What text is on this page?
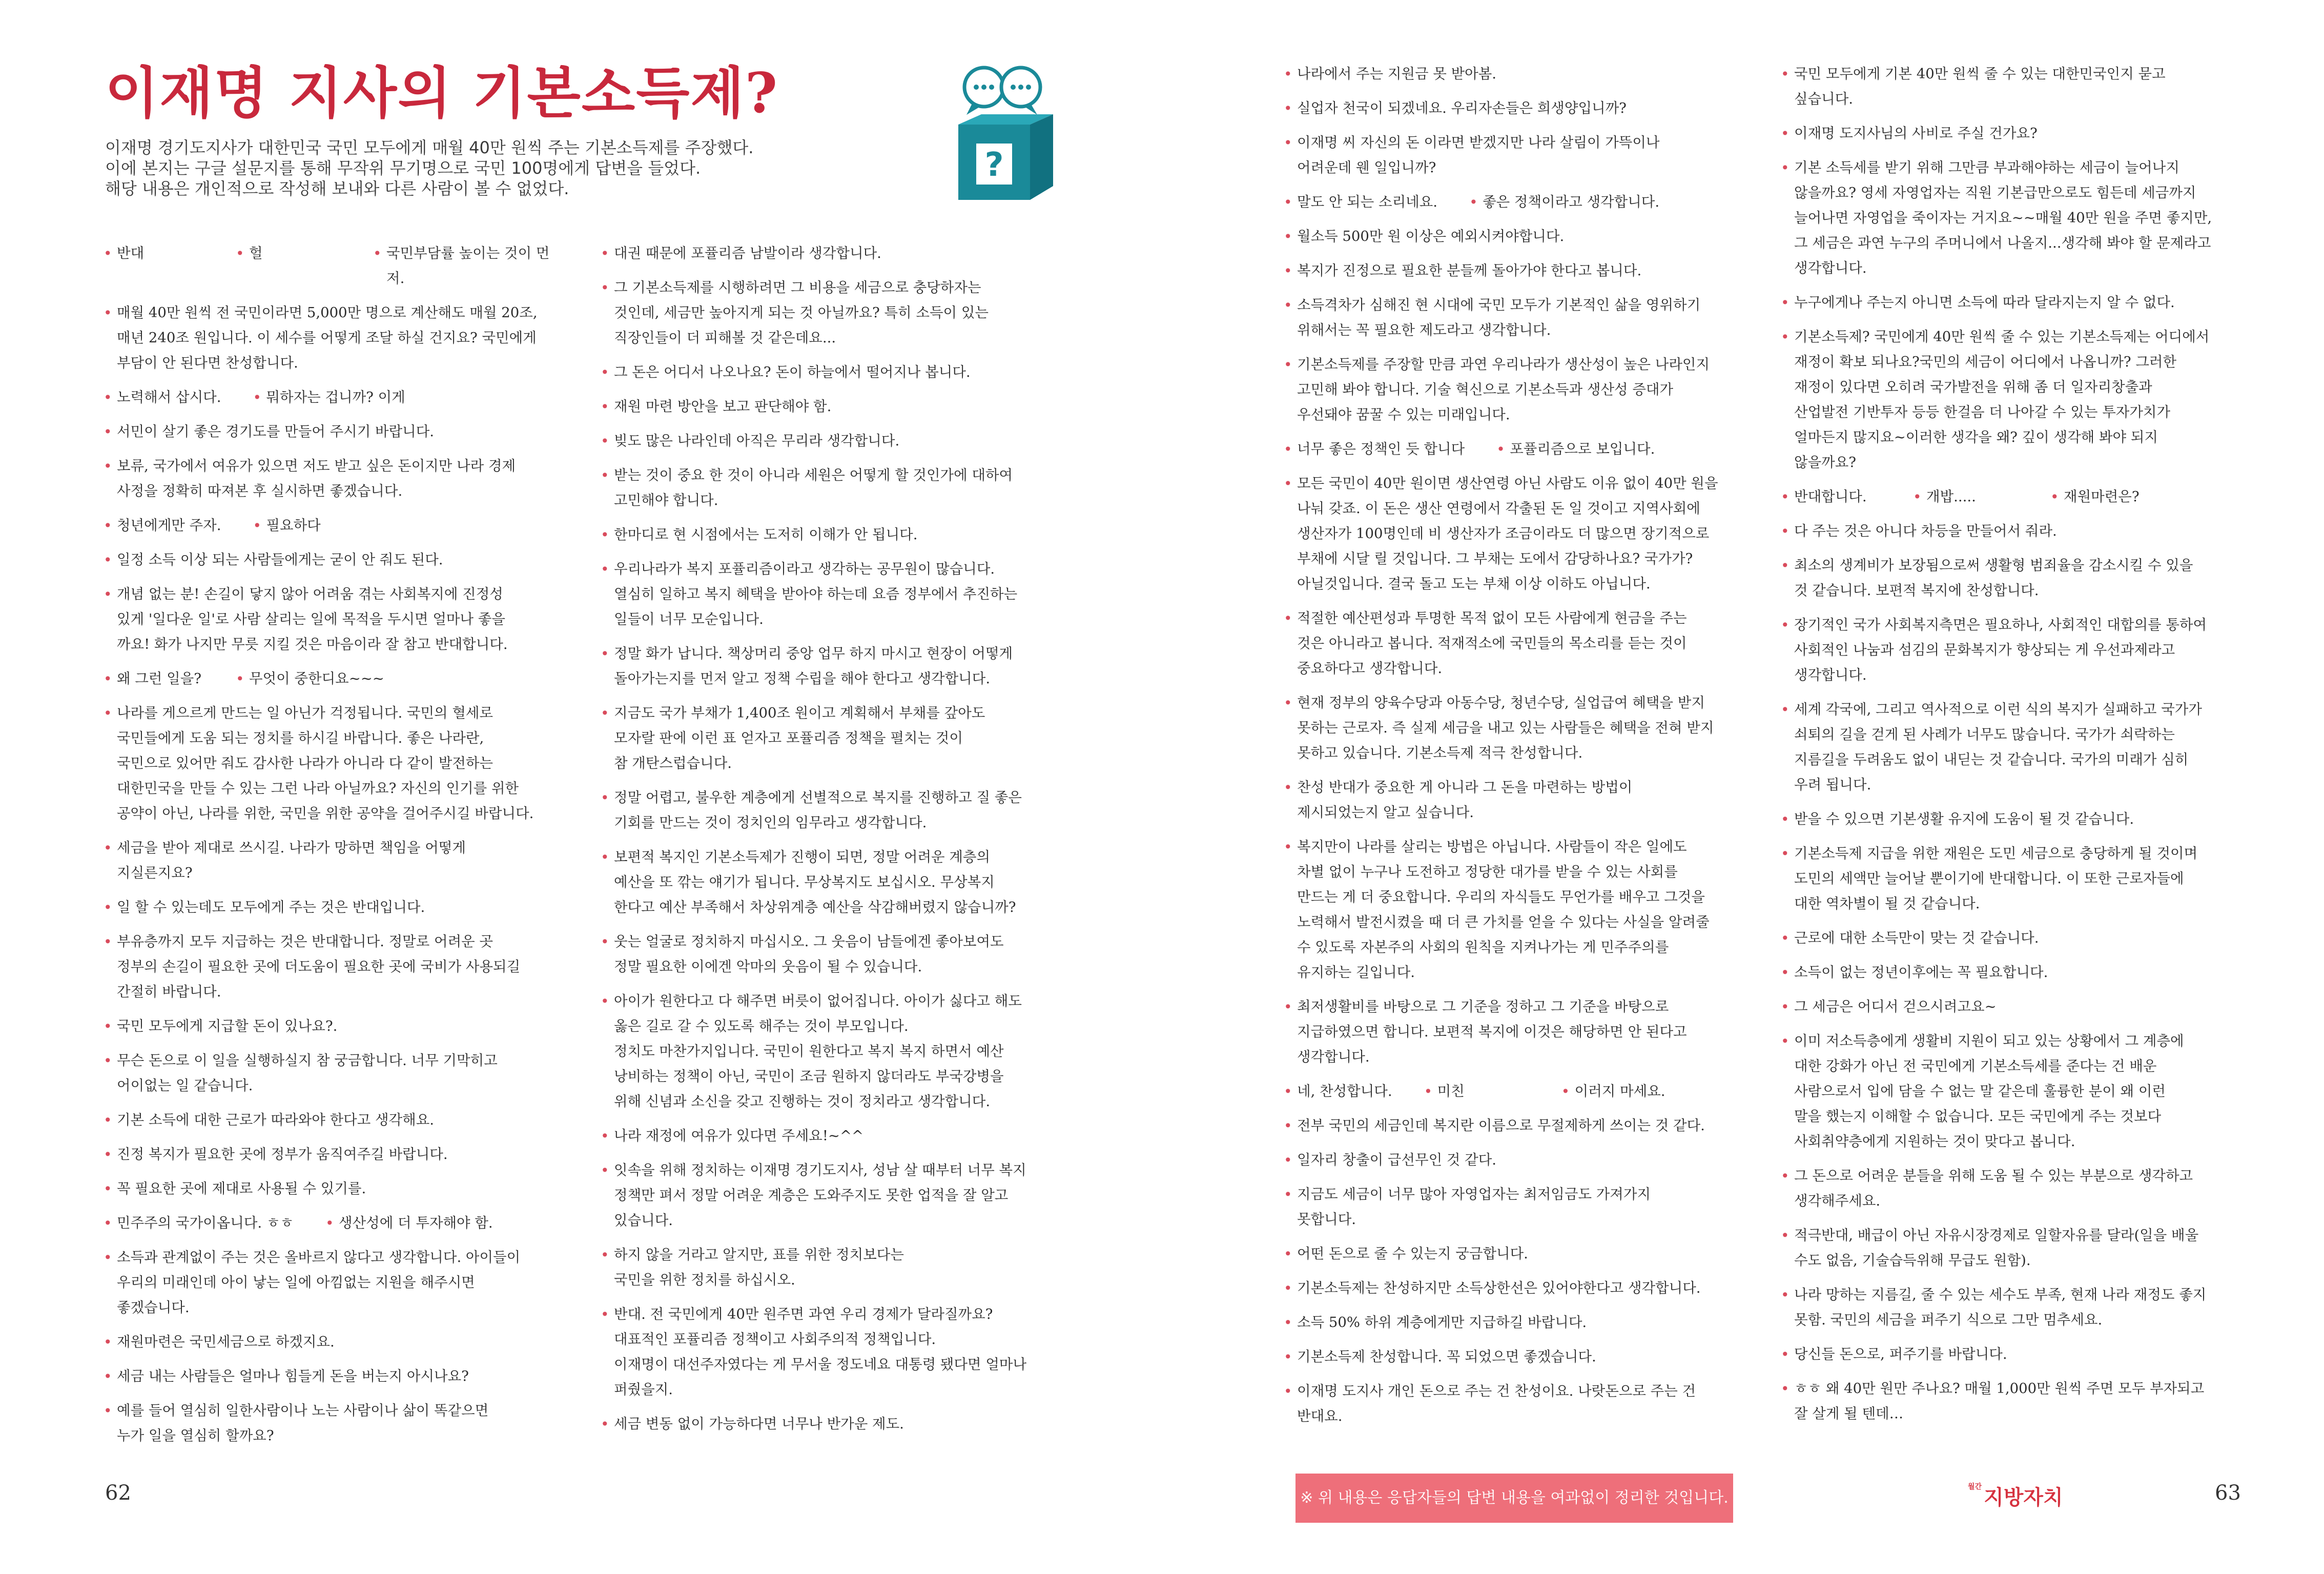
이재명 지사의 기본소득제?
이재명 경기도지사가 대한민국 국민 모두에게 매월 40만 원씩 주는 기본소득제를 주장했다.
이에 본지는 구글 설문지를 통해 무작위 무기명으로 국민 100명에게 답변을 들었다.
해당 내용은 개인적으로 작성해 보내와 다른 사람이 볼 수 없었다.
?
• 반대	• 헐	• 국민부담률 높이는 것이 먼저.
• 매월 40만 원씩 전 국민이라면 5,000만 명으로 계산해도 매월 20조,
매년 240조 원입니다. 이 세수를 어떻게 조달 하실 건지요? 국민에게
부담이 안 된다면 찬성합니다.
• 노력해서 삽시다.	• 뭐하자는 겁니까? 이게
• 서민이 살기 좋은 경기도를 만들어 주시기 바랍니다.
• 보류, 국가에서 여유가 있으면 저도 받고 싶은 돈이지만 나라 경제
사정을 정확히 따져본 후 실시하면 좋겠습니다.
• 청년에게만 주자.	• 필요하다
• 일정 소득 이상 되는 사람들에게는 굳이 안 줘도 된다.
• 개념 없는 분! 손길이 닿지 않아 어려움 겪는 사회복지에 진정성
있게 '일다운 일'로 사람 살리는 일에 목적을 두시면 얼마나 좋을
까요! 화가 나지만 무릇 지킬 것은 마음이라 잘 참고 반대합니다.
• 왜 그런 일을?	• 무엇이 중한디요~~~
• 나라를 게으르게 만드는 일 아닌가 걱정됩니다. 국민의 혈세로
국민들에게 도움 되는 정치를 하시길 바랍니다. 좋은 나라란,
국민으로 있어만 줘도 감사한 나라가 아니라 다 같이 발전하는
대한민국을 만들 수 있는 그런 나라 아닐까요? 자신의 인기를 위한
공약이 아닌, 나라를 위한, 국민을 위한 공약을 걸어주시길 바랍니다.
• 세금을 받아 제대로 쓰시길. 나라가 망하면 책임을 어떻게
지실른지요?
• 일 할 수 있는데도 모두에게 주는 것은 반대입니다.
• 부유층까지 모두 지급하는 것은 반대합니다. 정말로 어려운 곳
정부의 손길이 필요한 곳에 더도움이 필요한 곳에 국비가 사용되길
간절히 바랍니다.
• 국민 모두에게 지급할 돈이 있나요?.
• 무슨 돈으로 이 일을 실행하실지 참 궁금합니다. 너무 기막히고
어이없는 일 같습니다.
• 기본 소득에 대한 근로가 따라와야 한다고 생각해요.
• 진정 복지가 필요한 곳에 정부가 움직여주길 바랍니다.
• 꼭 필요한 곳에 제대로 사용될 수 있기를.
• 민주주의 국가이옵니다. ㅎㅎ	• 생산성에 더 투자해야 함.
• 소득과 관계없이 주는 것은 올바르지 않다고 생각합니다. 아이들이
우리의 미래인데 아이 낳는 일에 아낌없는 지원을 해주시면
좋겠습니다.
• 재원마련은 국민세금으로 하겠지요.
• 세금 내는 사람들은 얼마나 힘들게 돈을 버는지 아시나요?
• 예를 들어 열심히 일한사람이나 노는 사람이나 삶이 똑같으면
누가 일을 열심히 할까요?
• 대권 때문에 포퓰리즘 남발이라 생각합니다.
• 그 기본소득제를 시행하려면 그 비용을 세금으로 충당하자는
것인데, 세금만 높아지게 되는 것 아닐까요? 특히 소득이 있는
직장인들이 더 피해볼 것 같은데요...
• 그 돈은 어디서 나오나요? 돈이 하늘에서 떨어지나 봅니다.
• 재원 마련 방안을 보고 판단해야 함.
• 빚도 많은 나라인데 아직은 무리라 생각합니다.
• 받는 것이 중요 한 것이 아니라 세원은 어떻게 할 것인가에 대하여
고민해야 합니다.
• 한마디로 현 시점에서는 도저히 이해가 안 됩니다.
• 우리나라가 복지 포퓰리즘이라고 생각하는 공무원이 많습니다.
열심히 일하고 복지 혜택을 받아야 하는데 요즘 정부에서 추진하는
일들이 너무 모순입니다.
• 정말 화가 납니다. 책상머리 중앙 업무 하지 마시고 현장이 어떻게
돌아가는지를 먼저 알고 정책 수립을 해야 한다고 생각합니다.
• 지금도 국가 부채가 1,400조 원이고 계획해서 부채를 갚아도
모자랄 판에 이런 표 얻자고 포퓰리즘 정책을 펼치는 것이
참 개탄스럽습니다.
• 정말 어렵고, 불우한 계층에게 선별적으로 복지를 진행하고 질 좋은
기회를 만드는 것이 정치인의 임무라고 생각합니다.
• 보편적 복지인 기본소득제가 진행이 되면, 정말 어려운 계층의
예산을 또 깎는 얘기가 됩니다. 무상복지도 보십시오. 무상복지
한다고 예산 부족해서 차상위계층 예산을 삭감해버렸지 않습니까?
• 웃는 얼굴로 정치하지 마십시오. 그 웃음이 남들에겐 좋아보여도
정말 필요한 이에겐 악마의 웃음이 될 수 있습니다.
• 아이가 원한다고 다 해주면 버릇이 없어집니다. 아이가 싫다고 해도
옳은 길로 갈 수 있도록 해주는 것이 부모입니다.
정치도 마찬가지입니다. 국민이 원한다고 복지 복지 하면서 예산
낭비하는 정책이 아닌, 국민이 조금 원하지 않더라도 부국강병을
위해 신념과 소신을 갖고 진행하는 것이 정치라고 생각합니다.
• 나라 재정에 여유가 있다면 주세요!~^^
• 잇속을 위해 정치하는 이재명 경기도지사, 성남 살 때부터 너무 복지
정책만 펴서 정말 어려운 계층은 도와주지도 못한 업적을 잘 알고
있습니다.
• 하지 않을 거라고 알지만, 표를 위한 정치보다는
국민을 위한 정치를 하십시오.
• 반대. 전 국민에게 40만 원주면 과연 우리 경제가 달라질까요?
대표적인 포퓰리즘 정책이고 사회주의적 정책입니다.
이재명이 대선주자였다는 게 무서울 정도네요 대통령 됐다면 얼마나
퍼줬을지.
• 세금 변동 없이 가능하다면 너무나 반가운 제도.
62
• 나라에서 주는 지원금 못 받아봄.
• 실업자 천국이 되겠네요. 우리자손들은 희생양입니까?
• 이재명 씨 자신의 돈 이라면 받겠지만 나라 살림이 가뜩이나
어려운데 웬 일입니까?
• 말도 안 되는 소리네요.	• 좋은 정책이라고 생각합니다.
• 월소득 500만 원 이상은 예외시켜야합니다.
• 복지가 진정으로 필요한 분들께 돌아가야 한다고 봅니다.
• 소득격차가 심해진 현 시대에 국민 모두가 기본적인 삶을 영위하기
위해서는 꼭 필요한 제도라고 생각합니다.
• 기본소득제를 주장할 만큼 과연 우리나라가 생산성이 높은 나라인지
고민해 봐야 합니다. 기술 혁신으로 기본소득과 생산성 증대가
우선돼야 꿈꿀 수 있는 미래입니다.
• 너무 좋은 정책인 듯 합니다	• 포퓰리즘으로 보입니다.
• 모든 국민이 40만 원이면 생산연령 아닌 사람도 이유 없이 40만 원을
나눠 갖죠. 이 돈은 생산 연령에서 각출된 돈 일 것이고 지역사회에
생산자가 100명인데 비 생산자가 조금이라도 더 많으면 장기적으로
부채에 시달 릴 것입니다. 그 부채는 도에서 감당하나요? 국가가?
아닐것입니다. 결국 돌고 도는 부채 이상 이하도 아닙니다.
• 적절한 예산편성과 투명한 목적 없이 모든 사람에게 현금을 주는
것은 아니라고 봅니다. 적재적소에 국민들의 목소리를 듣는 것이
중요하다고 생각합니다.
• 현재 정부의 양육수당과 아동수당, 청년수당, 실업급여 혜택을 받지
못하는 근로자. 즉 실제 세금을 내고 있는 사람들은 혜택을 전혀 받지
못하고 있습니다. 기본소득제 적극 찬성합니다.
• 찬성 반대가 중요한 게 아니라 그 돈을 마련하는 방법이
제시되었는지 알고 싶습니다.
• 복지만이 나라를 살리는 방법은 아닙니다. 사람들이 작은 일에도
차별 없이 누구나 도전하고 정당한 대가를 받을 수 있는 사회를
만드는 게 더 중요합니다. 우리의 자식들도 무언가를 배우고 그것을
노력해서 발전시켰을 때 더 큰 가치를 얻을 수 있다는 사실을 알려줄
수 있도록 자본주의 사회의 원칙을 지켜나가는 게 민주주의를
유지하는 길입니다.
• 최저생활비를 바탕으로 그 기준을 정하고 그 기준을 바탕으로
지급하였으면 합니다. 보편적 복지에 이것은 해당하면 안 된다고
생각합니다.
• 네, 찬성합니다.	• 미친	• 이러지 마세요.
• 전부 국민의 세금인데 복지란 이름으로 무절제하게 쓰이는 것 같다.
• 일자리 창출이 급선무인 것 같다.
• 지금도 세금이 너무 많아 자영업자는 최저임금도 가져가지
못합니다.
• 어떤 돈으로 줄 수 있는지 궁금합니다.
• 기본소득제는 찬성하지만 소득상한선은 있어야한다고 생각합니다.
• 소득 50% 하위 계층에게만 지급하길 바랍니다.
• 기본소득제 찬성합니다. 꼭 되었으면 좋겠습니다.
• 이재명 도지사 개인 돈으로 주는 건 찬성이요. 나랏돈으로 주는 건
반대요.
• 국민 모두에게 기본 40만 원씩 줄 수 있는 대한민국인지 묻고
싶습니다.
• 이재명 도지사님의 사비로 주실 건가요?
• 기본 소득세를 받기 위해 그만큼 부과해야하는 세금이 늘어나지
않을까요? 영세 자영업자는 직원 기본급만으로도 힘든데 세금까지
늘어나면 자영업을 죽이자는 거지요~~매월 40만 원을 주면 좋지만,
그 세금은 과연 누구의 주머니에서 나올지...생각해 봐야 할 문제라고
생각합니다.
• 누구에게나 주는지 아니면 소득에 따라 달라지는지 알 수 없다.
• 기본소득제? 국민에게 40만 원씩 줄 수 있는 기본소득제는 어디에서
재정이 확보 되나요?국민의 세금이 어디에서 나옵니까? 그러한
재정이 있다면 오히려 국가발전을 위해 좀 더 일자리창출과
산업발전 기반투자 등등 한걸음 더 나아갈 수 있는 투자가치가
얼마든지 많지요~이러한 생각을 왜? 깊이 생각해 봐야 되지
않을까요?
• 반대합니다.	• 개밥.....	• 재원마련은?
• 다 주는 것은 아니다 차등을 만들어서 줘라.
• 최소의 생계비가 보장됨으로써 생활형 범죄율을 감소시킬 수 있을
것 같습니다. 보편적 복지에 찬성합니다.
• 장기적인 국가 사회복지측면은 필요하나, 사회적인 대합의를 통하여
사회적인 나눔과 섬김의 문화복지가 향상되는 게 우선과제라고
생각합니다.
• 세계 각국에, 그리고 역사적으로 이런 식의 복지가 실패하고 국가가
쇠퇴의 길을 걷게 된 사례가 너무도 많습니다. 국가가 쇠락하는
지름길을 두려움도 없이 내딛는 것 같습니다. 국가의 미래가 심히
우려 됩니다.
• 받을 수 있으면 기본생활 유지에 도움이 될 것 같습니다.
• 기본소득제 지급을 위한 재원은 도민 세금으로 충당하게 될 것이며
도민의 세액만 늘어날 뿐이기에 반대합니다. 이 또한 근로자들에
대한 역차별이 될 것 같습니다.
• 근로에 대한 소득만이 맞는 것 같습니다.
• 소득이 없는 정년이후에는 꼭 필요합니다.
• 그 세금은 어디서 걷으시려고요~
• 이미 저소득층에게 생활비 지원이 되고 있는 상황에서 그 계층에
대한 강화가 아닌 전 국민에게 기본소득세를 준다는 건 배운
사람으로서 입에 담을 수 없는 말 같은데 훌륭한 분이 왜 이런
말을 했는지 이해할 수 없습니다. 모든 국민에게 주는 것보다
사회취약층에게 지원하는 것이 맞다고 봅니다.
• 그 돈으로 어려운 분들을 위해 도움 될 수 있는 부분으로 생각하고
생각해주세요.
• 적극반대, 배급이 아닌 자유시장경제로 일할자유를 달라(일을 배울
수도 없음, 기술습득위해 무급도 원함).
• 나라 망하는 지름길, 줄 수 있는 세수도 부족, 현재 나라 재정도 좋지
못함. 국민의 세금을 퍼주기 식으로 그만 멈추세요.
• 당신들 돈으로, 퍼주기를 바랍니다.
• ㅎㅎ 왜 40만 원만 주나요? 매월 1,000만 원씩 주면 모두 부자되고
잘 살게 될 텐데…
※ 위 내용은 응답자들의 답변 내용을 여과없이 정리한 것입니다.
$^{월간}$ 지방자치	63
